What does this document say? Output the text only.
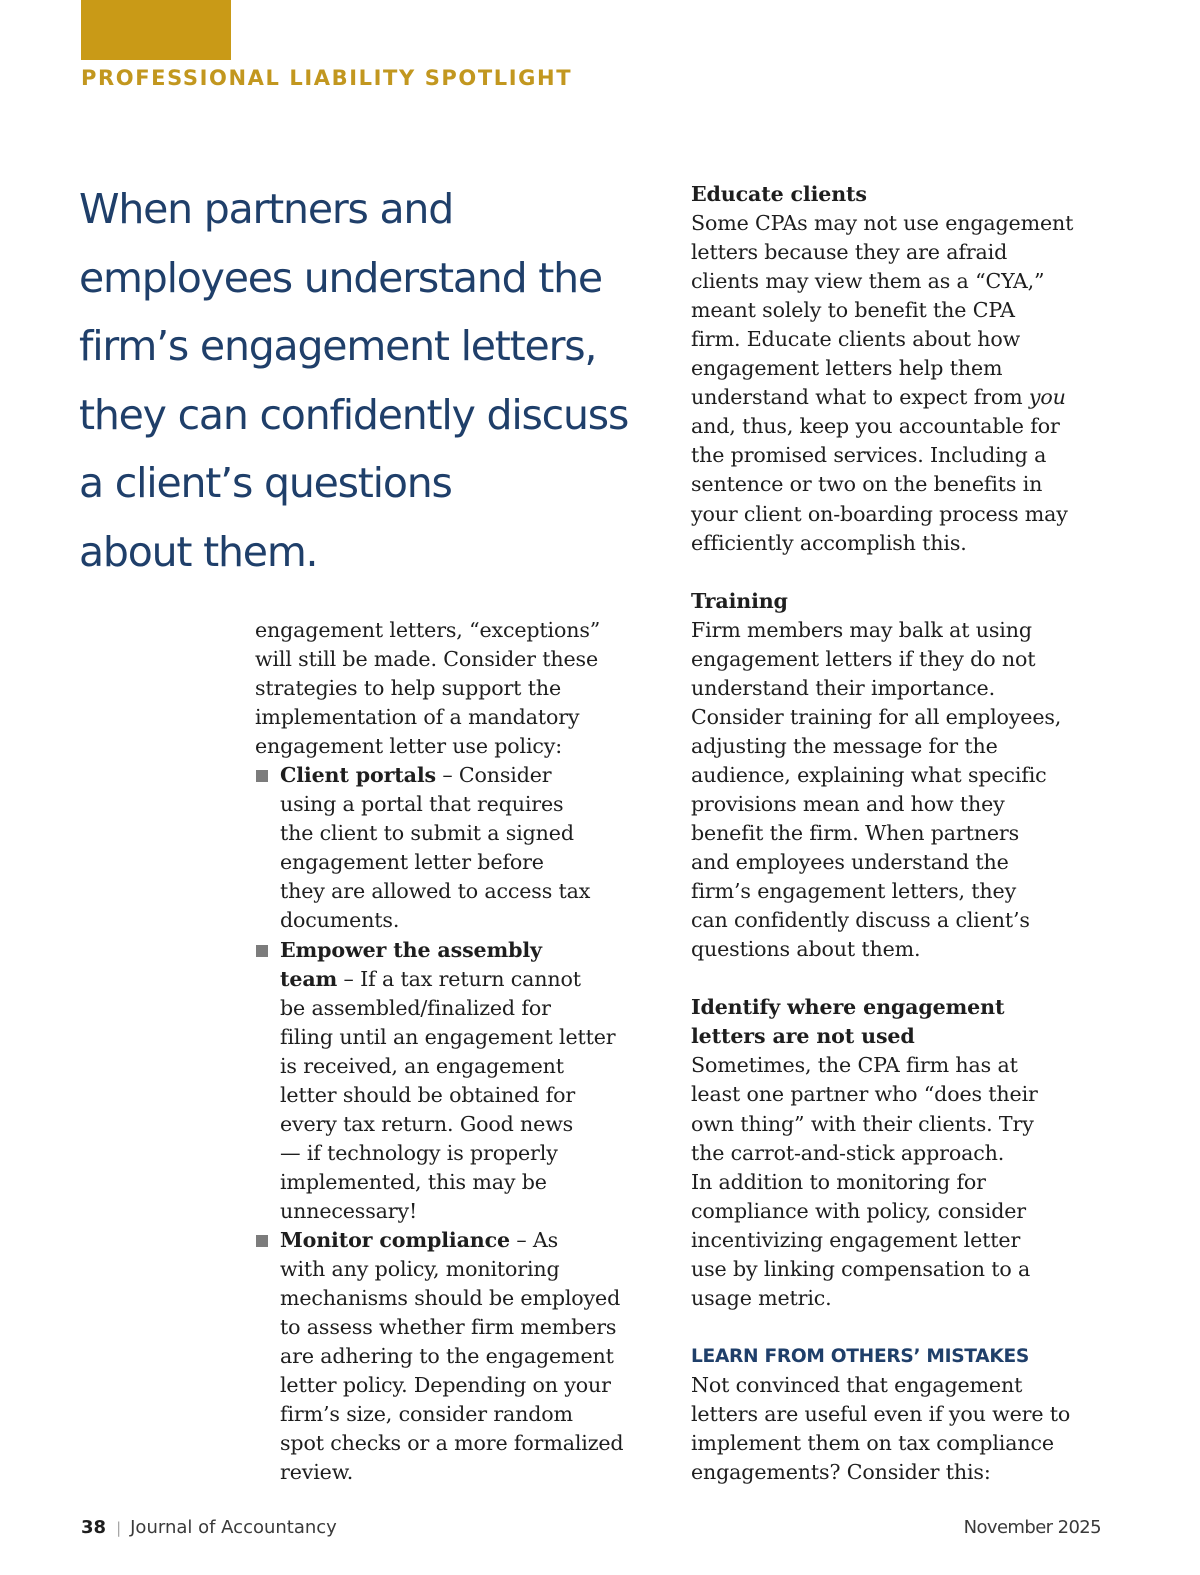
PROFESSIONAL LIABILITY SPOTLIGHT
When partners and
employees understand the
firm’s engagement letters,
they can confidently discuss
a client’s questions
about them.

engagement letters, “exceptions”
will still be made. Consider these
strategies to help support the
implementation of a mandatory
engagement letter use policy:

Client portals – Consider
using a portal that requires
the client to submit a signed
engagement letter before
they are allowed to access tax
documents.
Empower the assembly
team – If a tax return cannot
be assembled/finalized for
filing until an engagement letter
is received, an engagement
letter should be obtained for
every tax return. Good news
— if technology is properly
implemented, this may be
unnecessary!
Monitor compliance – As
with any policy, monitoring
mechanisms should be employed
to assess whether firm members
are adhering to the engagement
letter policy. Depending on your
firm’s size, consider random
spot checks or a more formalized
review.
Educate clients
Some CPAs may not use engagement
letters because they are afraid
clients may view them as a “CYA,”
meant solely to benefit the CPA
firm. Educate clients about how
engagement letters help them
understand what to expect from you
and, thus, keep you accountable for
the promised services. Including a
sentence or two on the benefits in
your client on-boarding process may
efficiently accomplish this.
Training
Firm members may balk at using
engagement letters if they do not
understand their importance.
Consider training for all employees,
adjusting the message for the
audience, explaining what specific
provisions mean and how they
benefit the firm. When partners
and employees understand the
firm’s engagement letters, they
can confidently discuss a client’s
questions about them.
Identify where engagement
letters are not used
Sometimes, the CPA firm has at
least one partner who “does their
own thing” with their clients. Try
the carrot-and-stick approach.
In addition to monitoring for
compliance with policy, consider
incentivizing engagement letter
use by linking compensation to a
usage metric.
LEARN FROM OTHERS’ MISTAKES
Not convinced that engagement
letters are useful even if you were to
implement them on tax compliance
engagements? Consider this:
38 | Journal of Accountancy	November 2025
